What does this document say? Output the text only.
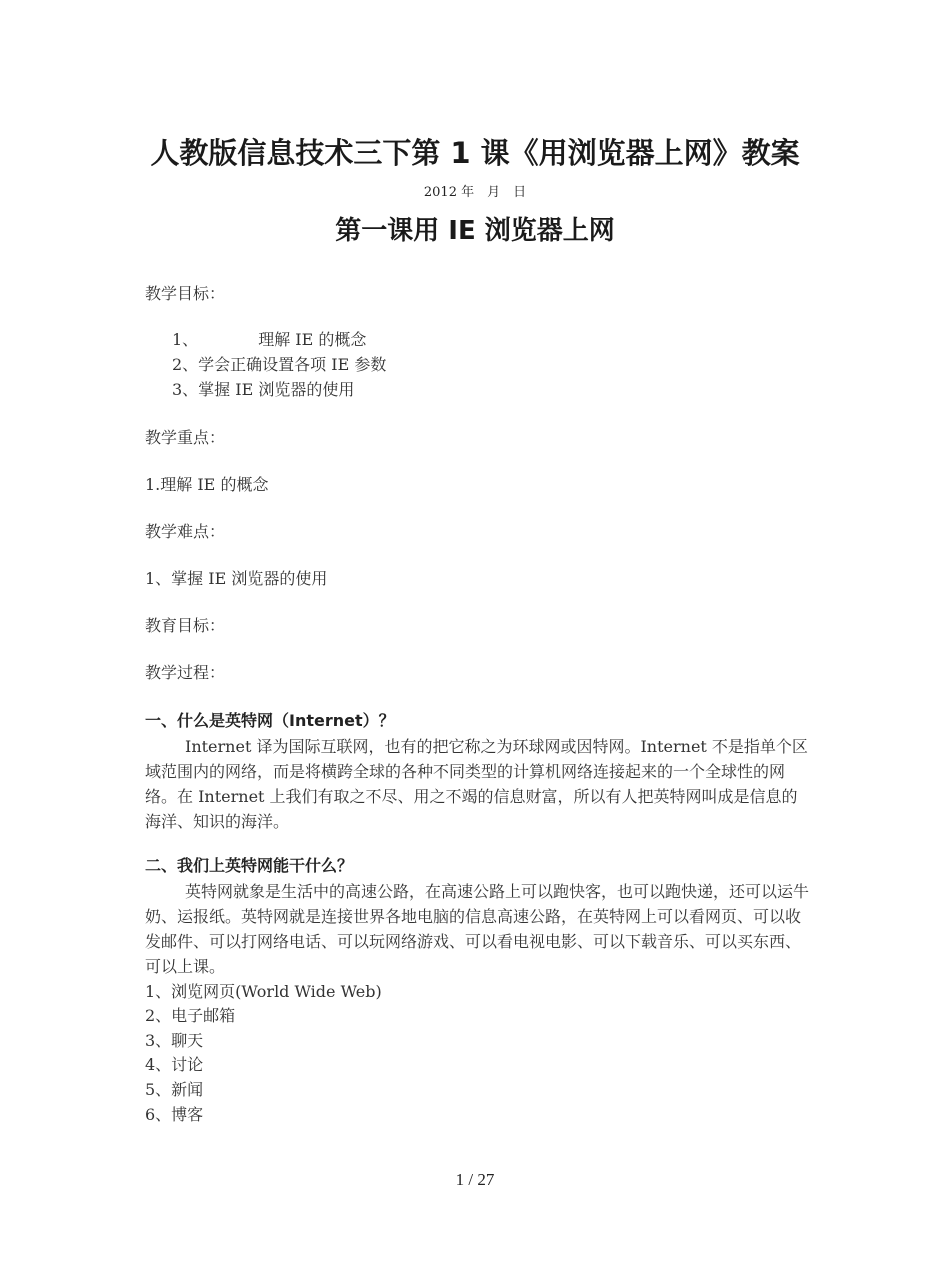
人教版信息技术三下第 1 课《用浏览器上网》教案
2012 年　月　日
第一课用 IE 浏览器上网
教学目标：
1、	理解 IE 的概念
2、学会正确设置各项 IE 参数
3、掌握 IE 浏览器的使用
教学重点：
1.理解 IE 的概念
教学难点：
1、掌握 IE 浏览器的使用
教育目标：
教学过程：
一、什么是英特网（Internet）？
Internet 译为国际互联网，也有的把它称之为环球网或因特网。Internet 不是指单个区域范围内的网络，而是将横跨全球的各种不同类型的计算机网络连接起来的一个全球性的网络。在 Internet 上我们有取之不尽、用之不竭的信息财富，所以有人把英特网叫成是信息的海洋、知识的海洋。
二、我们上英特网能干什么？
英特网就象是生活中的高速公路，在高速公路上可以跑快客，也可以跑快递，还可以运牛奶、运报纸。英特网就是连接世界各地电脑的信息高速公路，在英特网上可以看网页、可以收发邮件、可以打网络电话、可以玩网络游戏、可以看电视电影、可以下载音乐、可以买东西、可以上课。
1、浏览网页(World Wide Web)
2、电子邮箱
3、聊天
4、讨论
5、新闻
6、博客
1 / 27
